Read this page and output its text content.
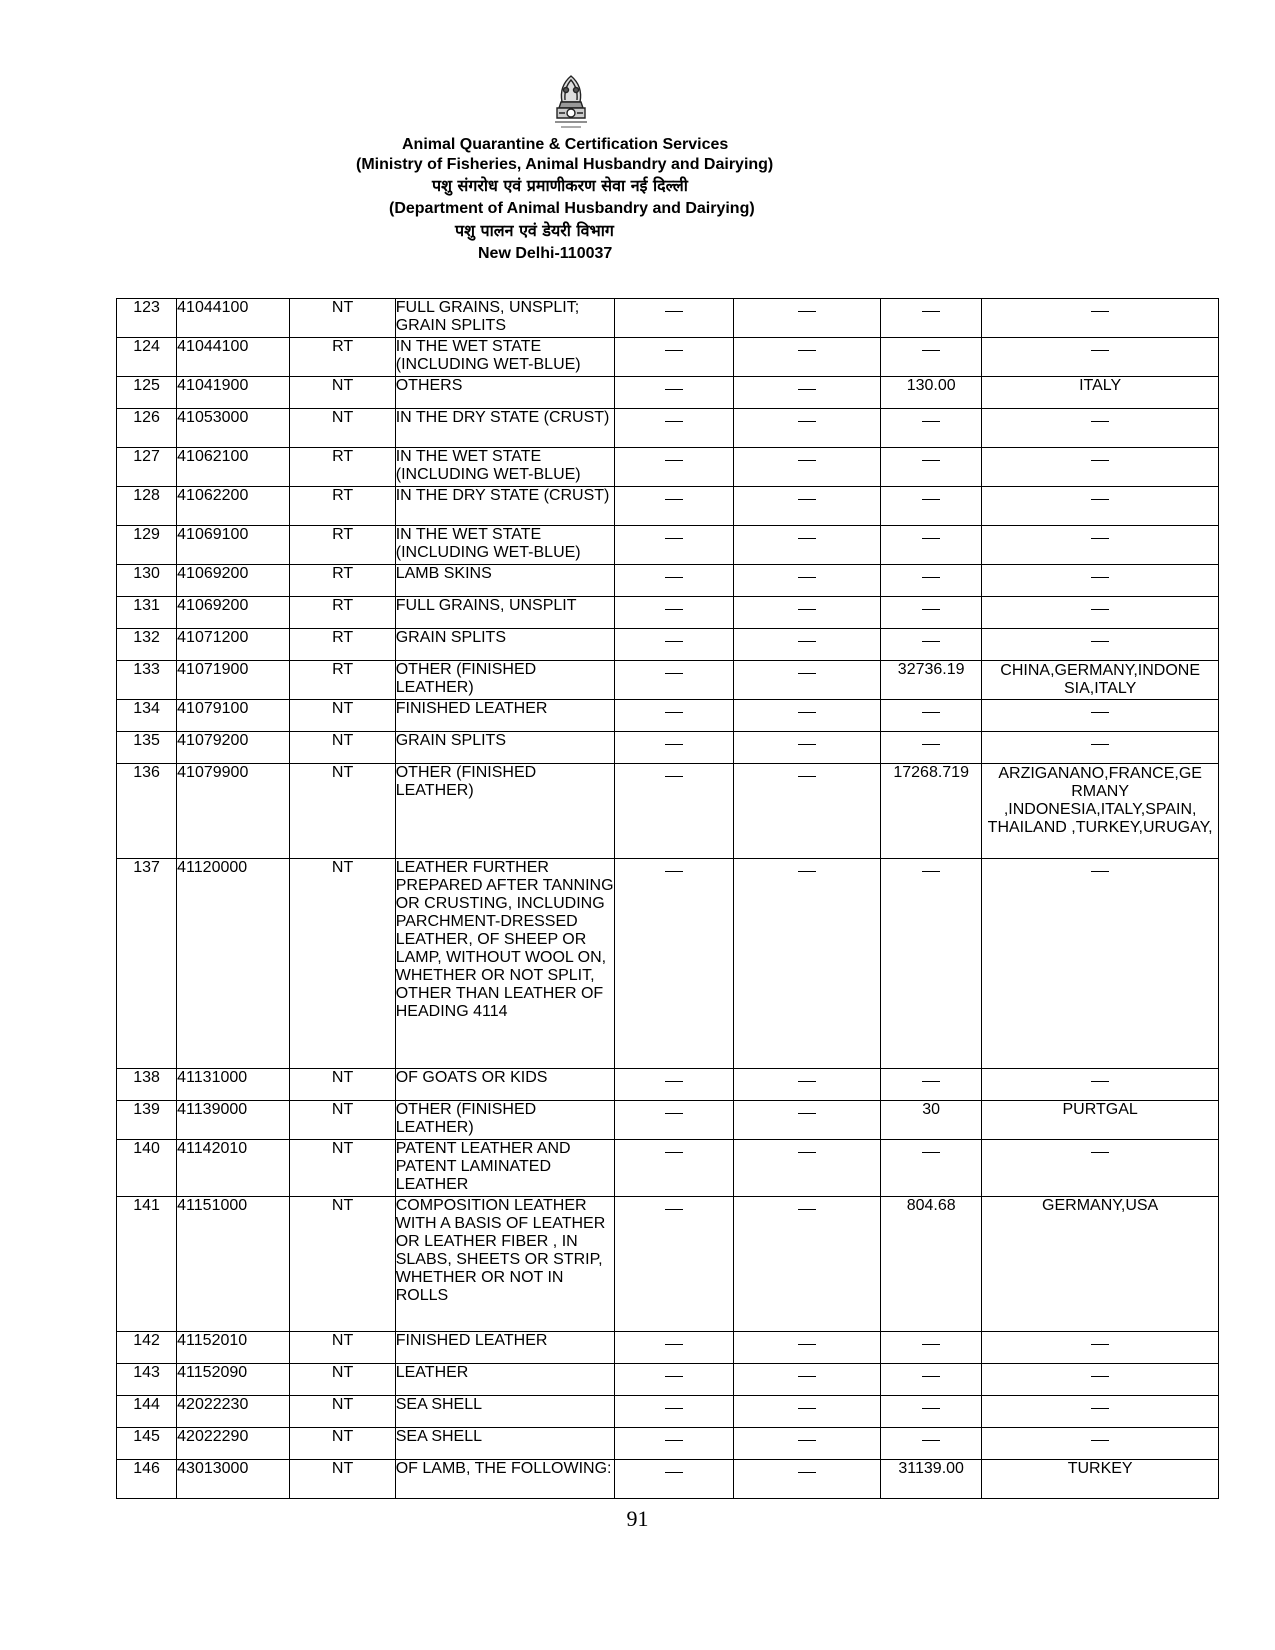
Animal Quarantine & Certification Services
(Ministry of Fisheries, Animal Husbandry and Dairying)
पशु संगरोध एवं प्रमाणीकरण सेवा नई दिल्ली
(Department of Animal Husbandry and Dairying)
पशु पालन एवं डेयरी विभाग
New Delhi-110037
123	41044100	NT	FULL GRAINS, UNSPLIT; GRAIN SPLITS				
124	41044100	RT	IN THE WET STATE (INCLUDING WET-BLUE)				
125	41041900	NT	OTHERS			130.00	ITALY
126	41053000	NT	IN THE DRY STATE (CRUST)				
127	41062100	RT	IN THE WET STATE (INCLUDING WET-BLUE)				
128	41062200	RT	IN THE DRY STATE (CRUST)				
129	41069100	RT	IN THE WET STATE (INCLUDING WET-BLUE)				
130	41069200	RT	LAMB SKINS				
131	41069200	RT	FULL GRAINS, UNSPLIT				
132	41071200	RT	GRAIN SPLITS				
133	41071900	RT	OTHER (FINISHED LEATHER)			32736.19	CHINA,GERMANY,INDONE SIA,ITALY
134	41079100	NT	FINISHED LEATHER				
135	41079200	NT	GRAIN SPLITS				
136	41079900	NT	OTHER (FINISHED LEATHER)			17268.719	ARZIGANANO,FRANCE,GE RMANY ,INDONESIA,ITALY,SPAIN, THAILAND ,TURKEY,URUGAY,
137	41120000	NT	LEATHER FURTHER PREPARED AFTER TANNING OR CRUSTING, INCLUDING PARCHMENT-DRESSED LEATHER, OF SHEEP OR LAMP, WITHOUT WOOL ON, WHETHER OR NOT SPLIT, OTHER THAN LEATHER OF HEADING 4114				
138	41131000	NT	OF GOATS OR KIDS				
139	41139000	NT	OTHER (FINISHED LEATHER)			30	PURTGAL
140	41142010	NT	PATENT LEATHER AND PATENT LAMINATED LEATHER				
141	41151000	NT	COMPOSITION LEATHER WITH A BASIS OF LEATHER OR LEATHER FIBER , IN SLABS, SHEETS OR STRIP, WHETHER OR NOT IN ROLLS			804.68	GERMANY,USA
142	41152010	NT	FINISHED LEATHER				
143	41152090	NT	LEATHER				
144	42022230	NT	SEA SHELL				
145	42022290	NT	SEA SHELL				
146	43013000	NT	OF LAMB, THE FOLLOWING:			31139.00	TURKEY
91
